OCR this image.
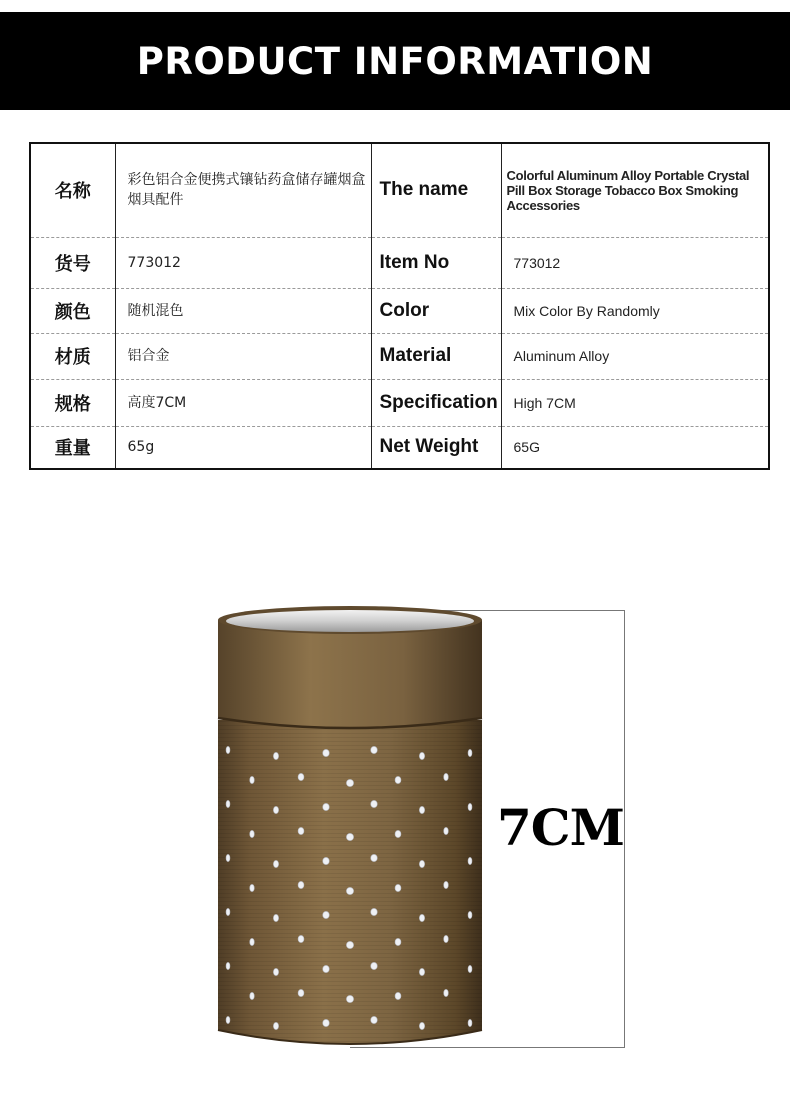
PRODUCT INFORMATION
名称	彩色铝合金便携式镶钻药盒储存罐烟盒烟具配件	The name	Colorful Aluminum Alloy Portable Crystal Pill Box Storage Tobacco Box Smoking Accessories
货号	773012	Item No	773012
颜色	随机混色	Color	Mix Color By Randomly
材质	铝合金	Material	Aluminum Alloy
规格	高度7CM	Specification	High 7CM
重量	65g	Net Weight	65G
7CM
